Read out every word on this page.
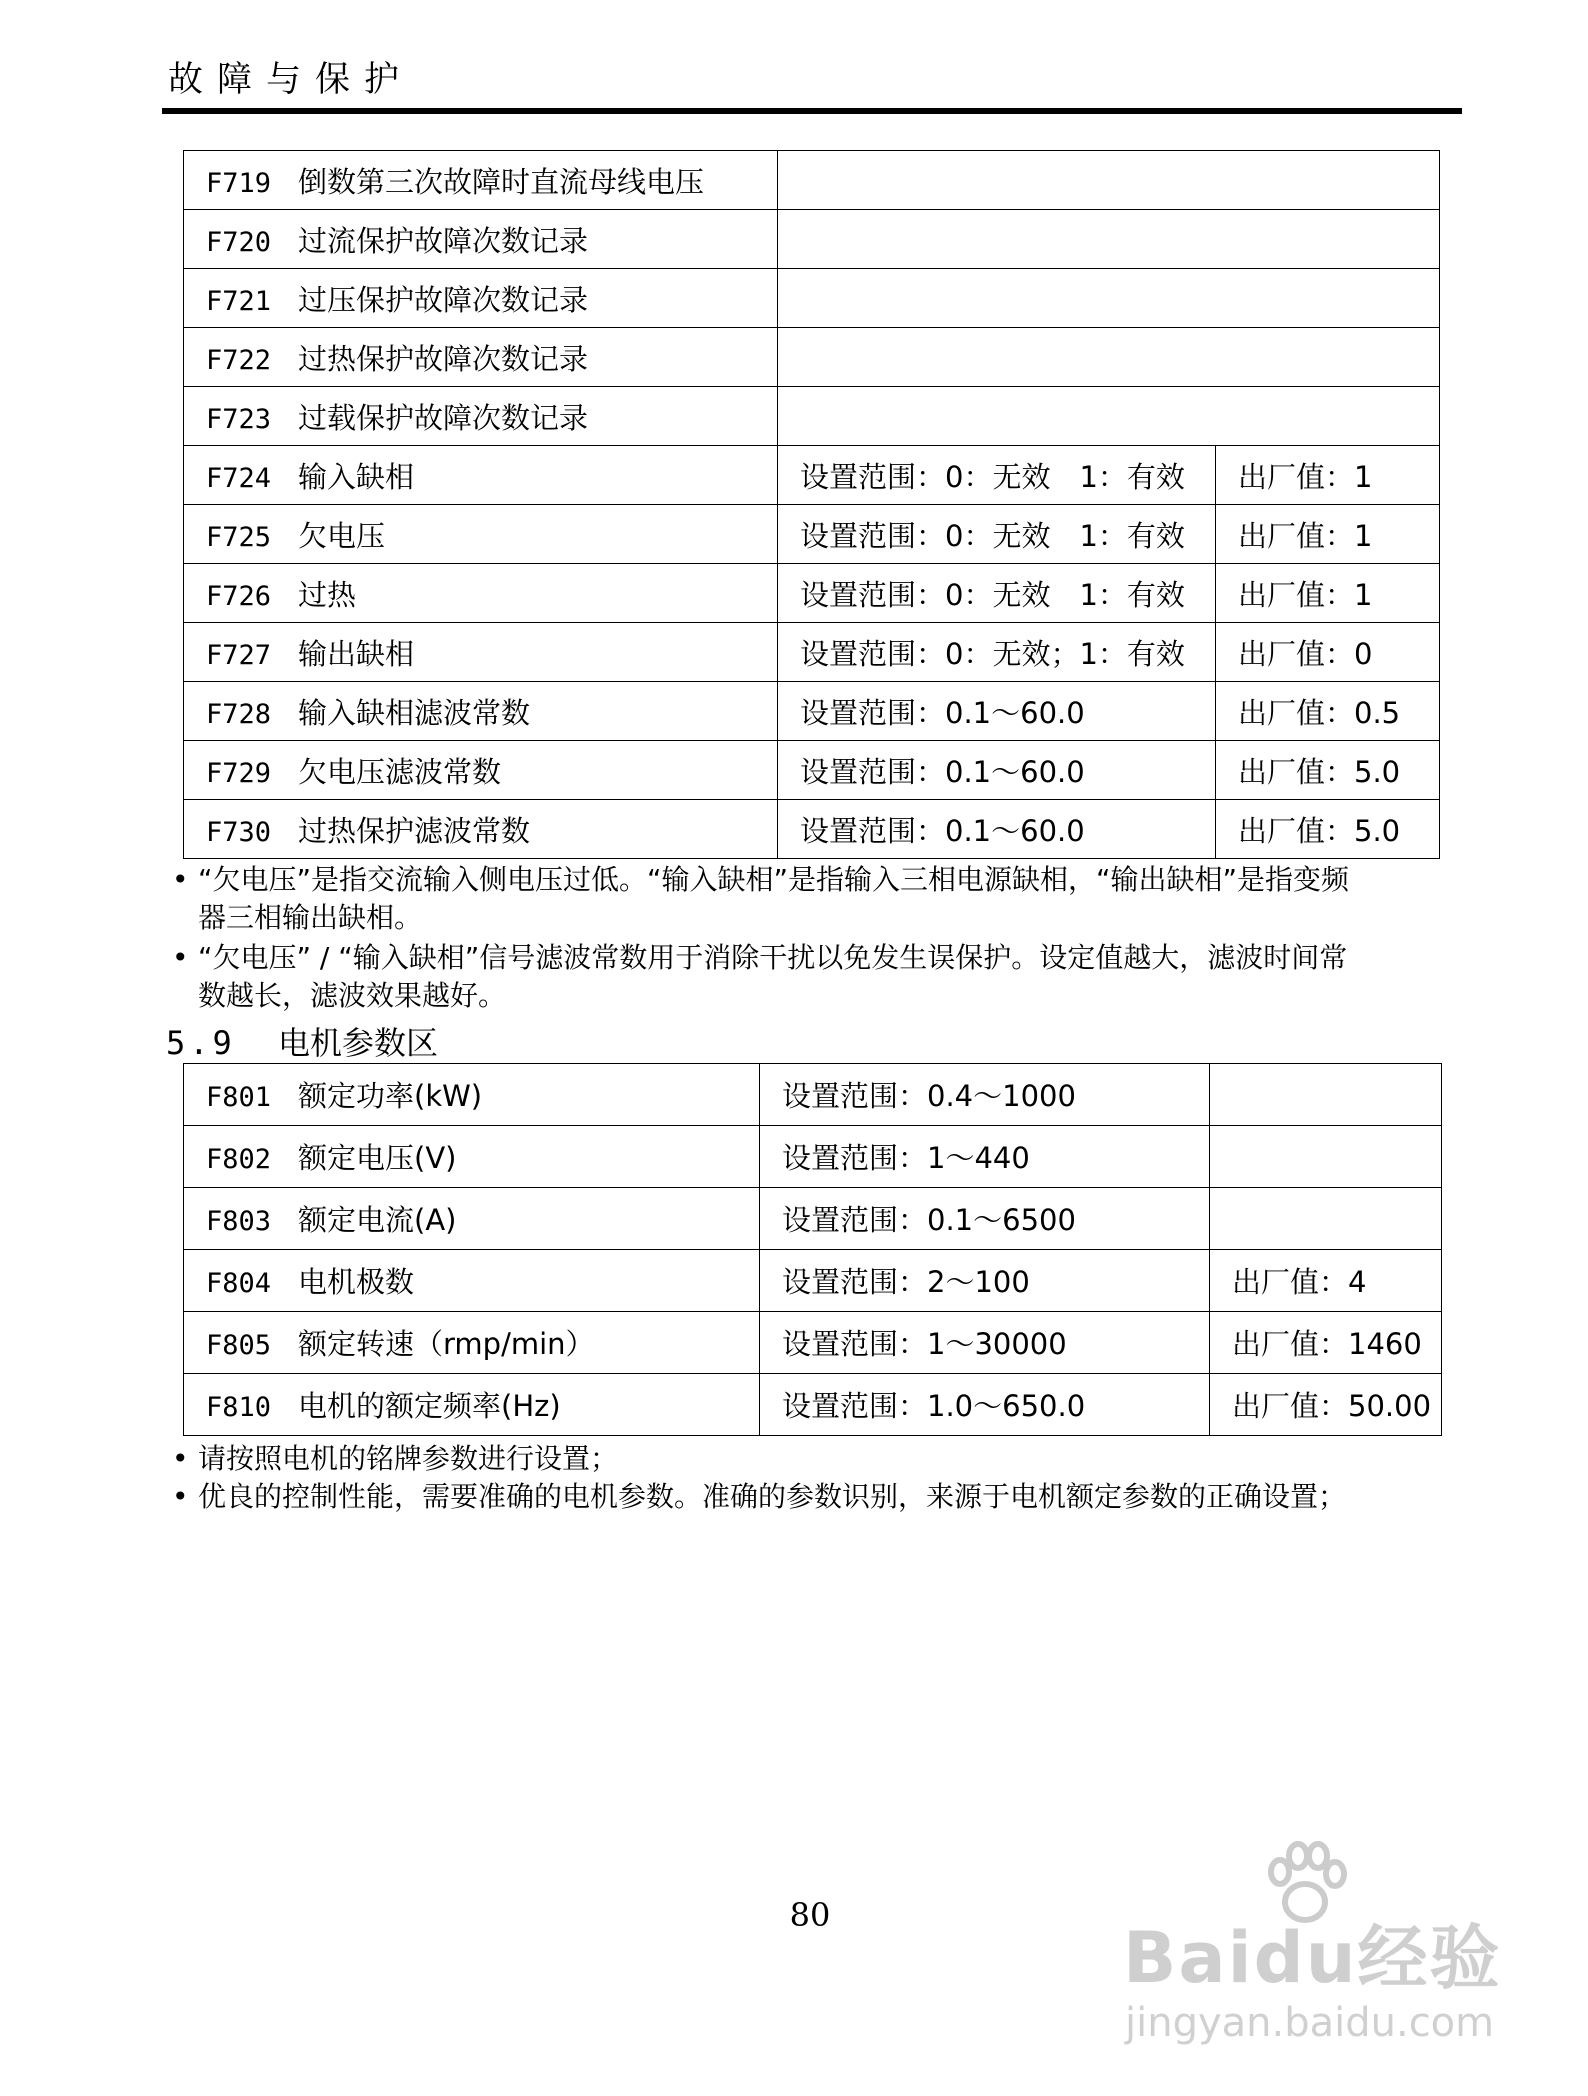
故障与保护
F719 倒数第三次故障时直流母线电压		
F720 过流保护故障次数记录		
F721 过压保护故障次数记录		
F722 过热保护故障次数记录		
F723 过载保护故障次数记录		
F724 输入缺相	设置范围：0：无效　1：有效	出厂值：1
F725 欠电压	设置范围：0：无效　1：有效	出厂值：1
F726 过热	设置范围：0：无效　1：有效	出厂值：1
F727 输出缺相	设置范围：0：无效；1：有效	出厂值：0
F728 输入缺相滤波常数	设置范围：0.1～60.0	出厂值：0.5
F729 欠电压滤波常数	设置范围：0.1～60.0	出厂值：5.0
F730 过热保护滤波常数	设置范围：0.1～60.0	出厂值：5.0
• “欠电压”是指交流输入侧电压过低。“输入缺相”是指输入三相电源缺相，“输出缺相”是指变频
器三相输出缺相。
• “欠电压” / “输入缺相”信号滤波常数用于消除干扰以免发生误保护。设定值越大，滤波时间常
数越长，滤波效果越好。
5.9 电机参数区
F801 额定功率(kW)	设置范围：0.4～1000	
F802 额定电压(V)	设置范围：1～440	
F803 额定电流(A)	设置范围：0.1～6500	
F804 电机极数	设置范围：2～100	出厂值：4
F805 额定转速（rmp/min）	设置范围：1～30000	出厂值：1460
F810 电机的额定频率(Hz)	设置范围：1.0～650.0	出厂值：50.00
• 请按照电机的铭牌参数进行设置；
• 优良的控制性能，需要准确的电机参数。准确的参数识别，来源于电机额定参数的正确设置；
80
Baidu经验
jingyan.baidu.com
